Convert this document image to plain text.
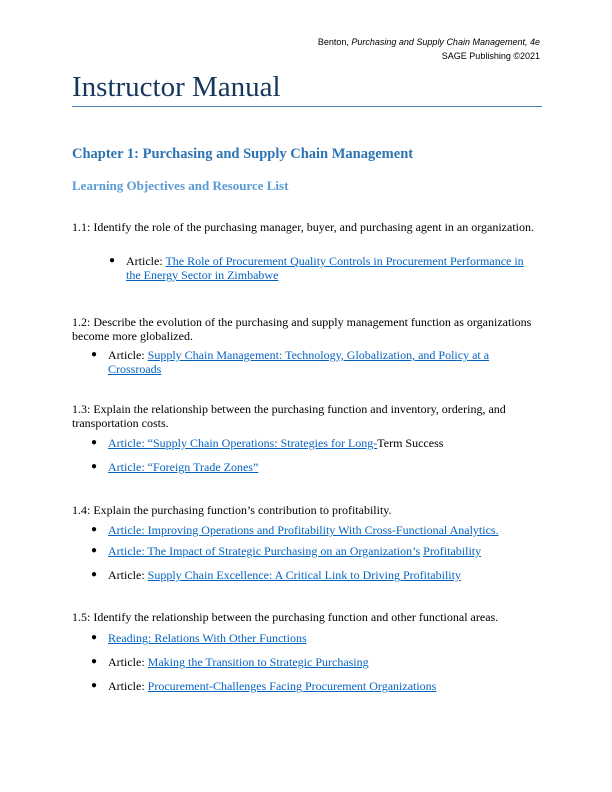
Benton, Purchasing and Supply Chain Management, 4e
SAGE Publishing ©2021
Instructor Manual
Chapter 1: Purchasing and Supply Chain Management
Learning Objectives and Resource List
1.1: Identify the role of the purchasing manager, buyer, and purchasing agent in an organization.
● Article: The Role of Procurement Quality Controls in Procurement Performance in
the Energy Sector in Zimbabwe
1.2: Describe the evolution of the purchasing and supply management function as organizations
become more globalized.
● Article: Supply Chain Management: Technology, Globalization, and Policy at a
Crossroads
1.3: Explain the relationship between the purchasing function and inventory, ordering, and
transportation costs.
● Article: “Supply Chain Operations: Strategies for Long-Term Success
● Article: “Foreign Trade Zones”
1.4: Explain the purchasing function’s contribution to profitability.
● Article: Improving Operations and Profitability With Cross-Functional Analytics.
● Article: The Impact of Strategic Purchasing on an Organization’s Profitability
● Article: Supply Chain Excellence: A Critical Link to Driving Profitability
1.5: Identify the relationship between the purchasing function and other functional areas.
● Reading: Relations With Other Functions
● Article: Making the Transition to Strategic Purchasing
● Article: Procurement-Challenges Facing Procurement Organizations
